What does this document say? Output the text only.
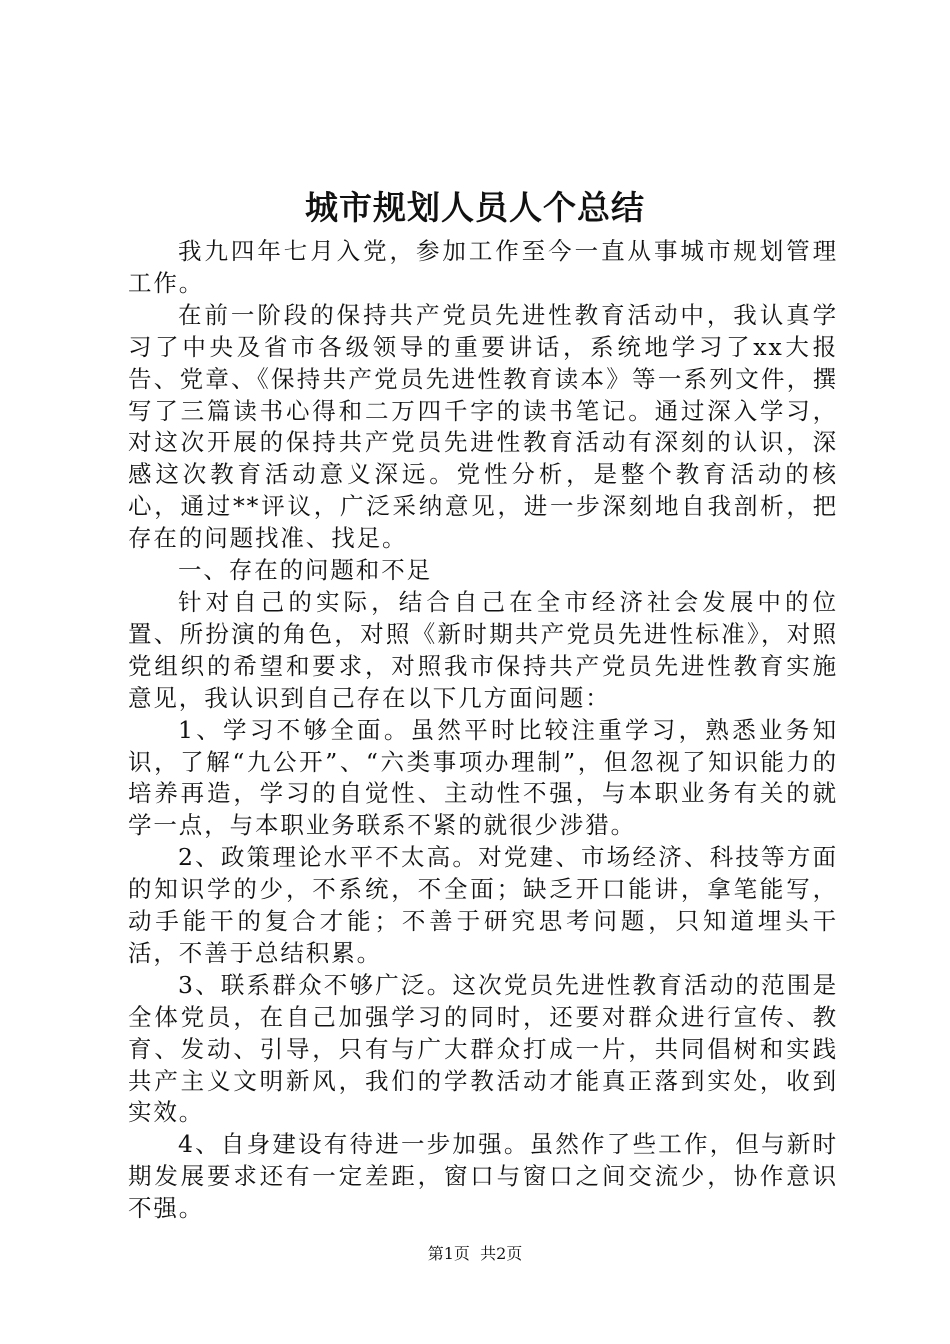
城市规划人员人个总结

我九四年七月入党，参加工作至今一直从事城市规划管理工作。

在前一阶段的保持共产党员先进性教育活动中，我认真学习了中央及省市各级领导的重要讲话，系统地学习了xx大报告、党章、《保持共产党员先进性教育读本》等一系列文件，撰写了三篇读书心得和二万四千字的读书笔记。通过深入学习，对这次开展的保持共产党员先进性教育活动有深刻的认识，深感这次教育活动意义深远。党性分析，是整个教育活动的核心，通过**评议，广泛采纳意见，进一步深刻地自我剖析，把存在的问题找准、找足。

一、存在的问题和不足

针对自己的实际，结合自己在全市经济社会发展中的位置、所扮演的角色，对照《新时期共产党员先进性标准》，对照党组织的希望和要求，对照我市保持共产党员先进性教育实施意见，我认识到自己存在以下几方面问题：

1、学习不够全面。虽然平时比较注重学习，熟悉业务知识，了解“九公开”、“六类事项办理制”，但忽视了知识能力的培养再造，学习的自觉性、主动性不强，与本职业务有关的就学一点，与本职业务联系不紧的就很少涉猎。

2、政策理论水平不太高。对党建、市场经济、科技等方面的知识学的少，不系统，不全面；缺乏开口能讲，拿笔能写，动手能干的复合才能；不善于研究思考问题，只知道埋头干活，不善于总结积累。

3、联系群众不够广泛。这次党员先进性教育活动的范围是全体党员，在自己加强学习的同时，还要对群众进行宣传、教育、发动、引导，只有与广大群众打成一片，共同倡树和实践共产主义文明新风，我们的学教活动才能真正落到实处，收到实效。

4、自身建设有待进一步加强。虽然作了些工作，但与新时期发展要求还有一定差距，窗口与窗口之间交流少，协作意识不强。

第1页 共2页
